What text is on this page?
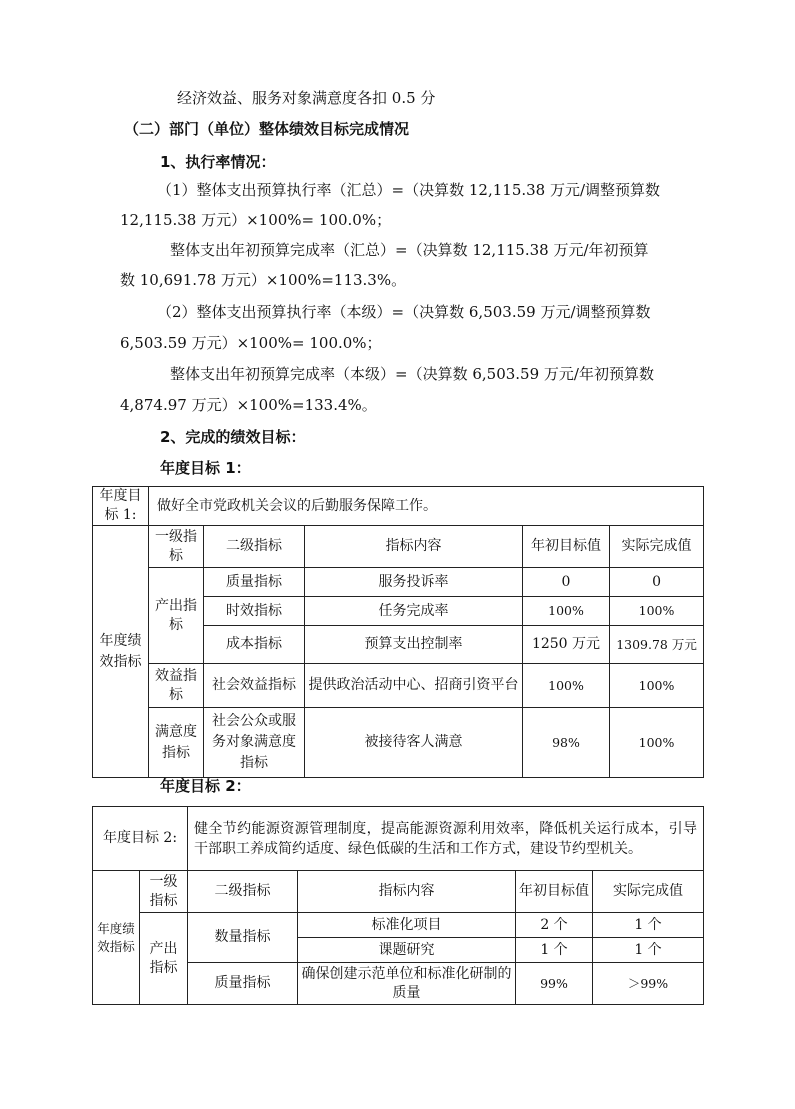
经济效益、服务对象满意度各扣 0.5 分
（二）部门（单位）整体绩效目标完成情况
1、执行率情况：
（1）整体支出预算执行率（汇总）=（决算数 12,115.38 万元/调整预算数
12,115.38 万元）×100%= 100.0%；
整体支出年初预算完成率（汇总）=（决算数 12,115.38 万元/年初预算
数 10,691.78 万元）×100%=113.3%。
（2）整体支出预算执行率（本级）=（决算数 6,503.59 万元/调整预算数
6,503.59 万元）×100%= 100.0%；
整体支出年初预算完成率（本级）=（决算数 6,503.59 万元/年初预算数
4,874.97 万元）×100%=133.4%。
2、完成的绩效目标：
年度目标 1：
年度目标 1:	做好全市党政机关会议的后勤服务保障工作。				
年度绩效指标	一级指标	二级指标	指标内容	年初目标值	实际完成值
	产出指标	质量指标	服务投诉率	0	0
		时效指标	任务完成率	100%	100%
		成本指标	预算支出控制率	1250 万元	1309.78 万元
	效益指标	社会效益指标	提供政治活动中心、招商引资平台	100%	100%
	满意度指标	社会公众或服务对象满意度指标	被接待客人满意	98%	100%
年度目标 2：
年度目标 2:		健全节约能源资源管理制度，提高能源资源利用效率，降低机关运行成本，引导干部职工养成简约适度、绿色低碳的生活和工作方式，建设节约型机关。			
年度绩效指标	一级指标	二级指标	指标内容	年初目标值	实际完成值
	产出指标	数量指标	标准化项目	2 个	1 个
			课题研究	1 个	1 个
		质量指标	确保创建示范单位和标准化研制的质量	99%	＞99%
